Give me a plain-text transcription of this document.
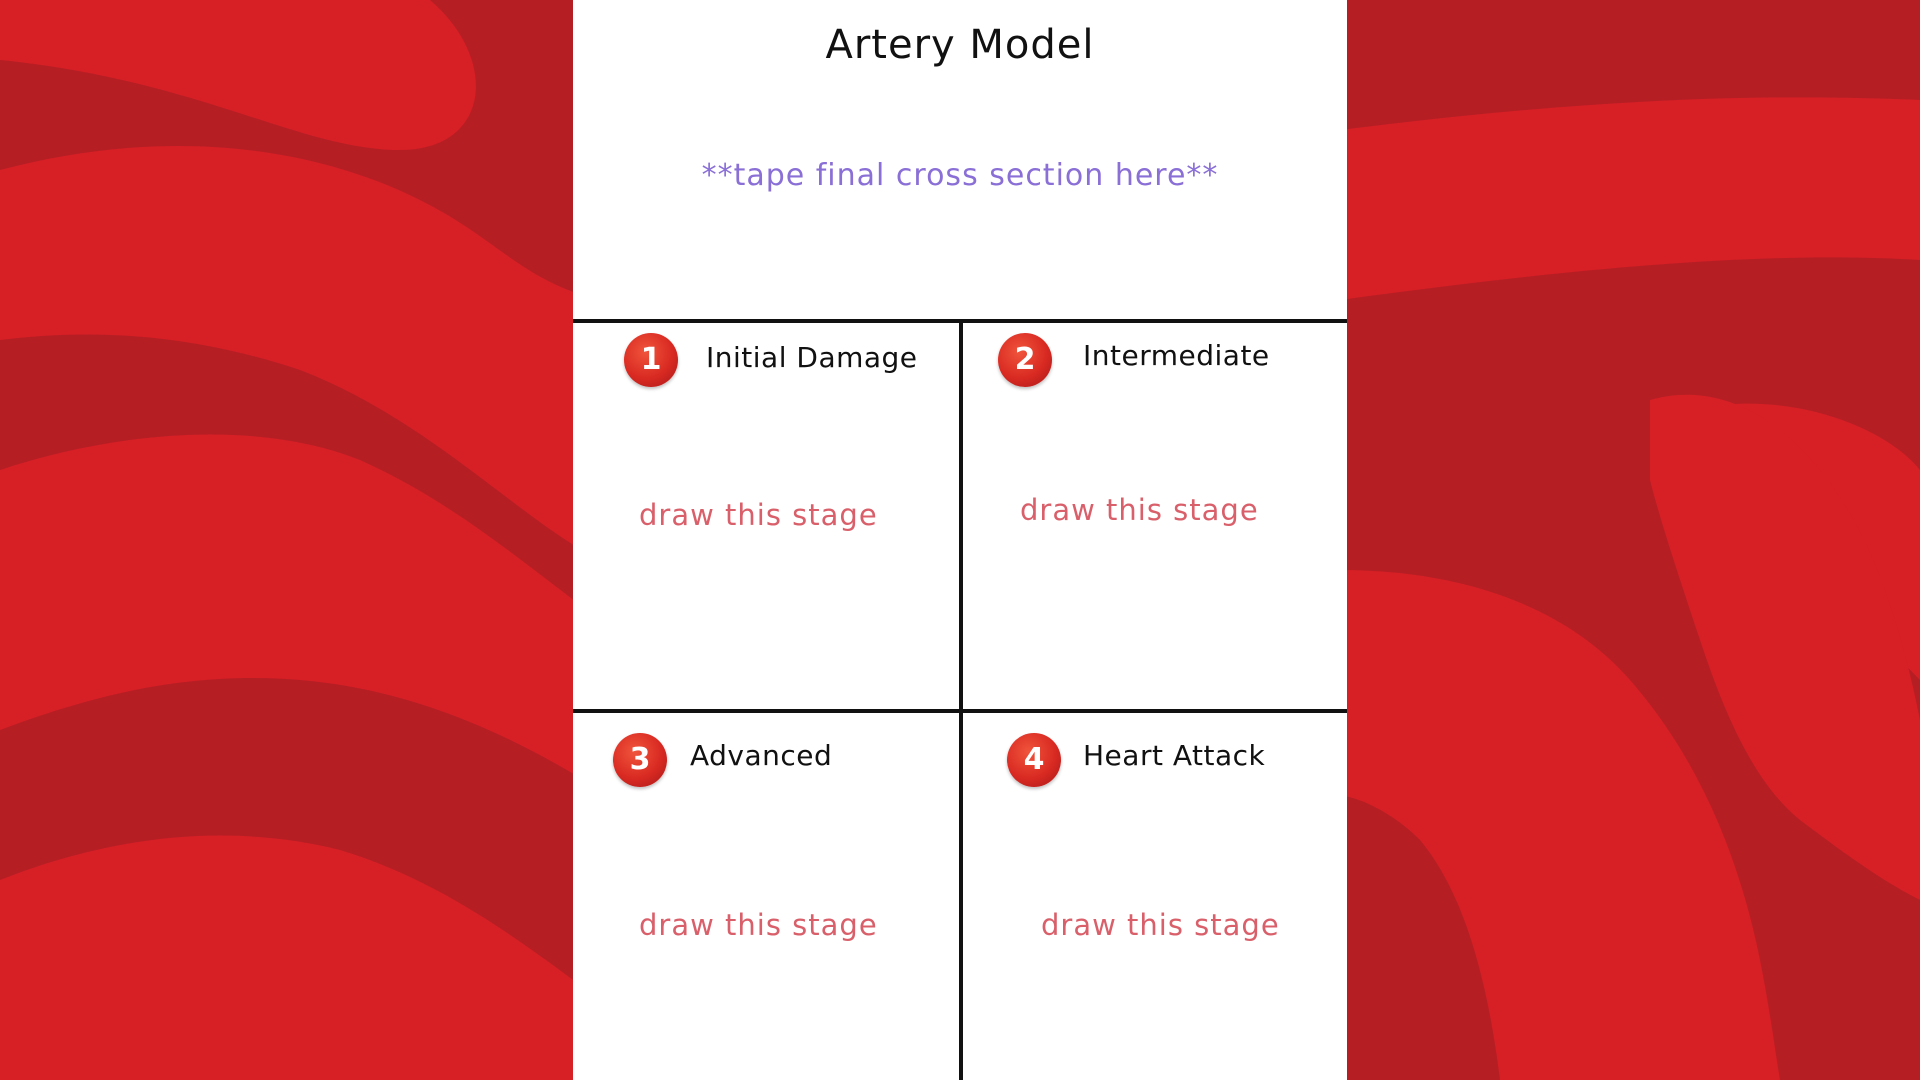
Artery Model
**tape final cross section here**
1	Initial Damage
draw this stage
2	Intermediate
draw this stage
3	Advanced
draw this stage
4	Heart Attack
draw this stage
